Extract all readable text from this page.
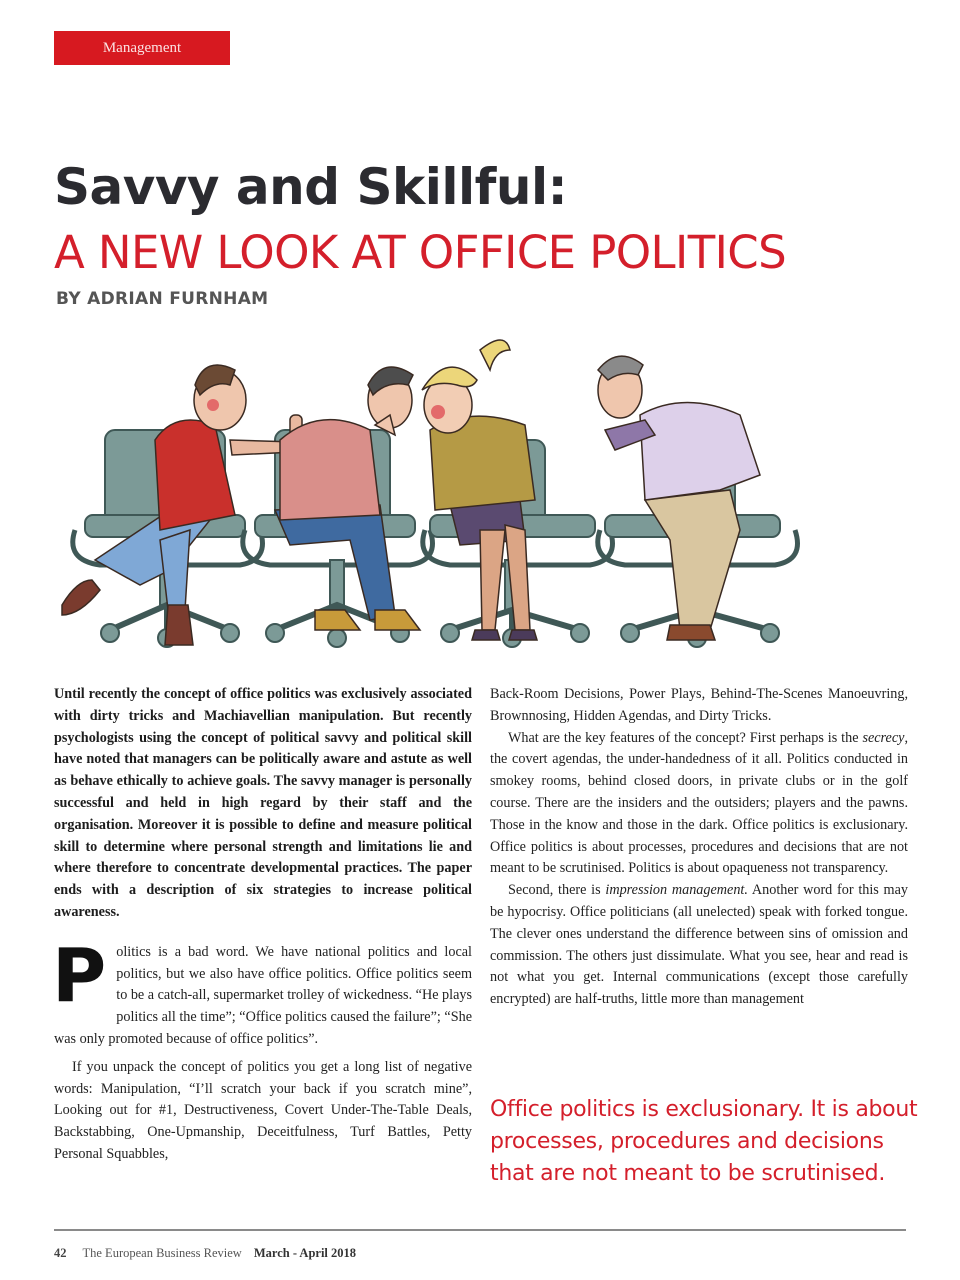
Management
Savvy and Skillful:
A NEW LOOK AT OFFICE POLITICS
BY ADRIAN FURNHAM

Until recently the concept of office politics was exclusively associated with dirty tricks and Machiavellian manipulation. But recently psychologists using the concept of political savvy and political skill have noted that managers can be politically aware and astute as well as behave ethically to achieve goals. The savvy manager is personally successful and held in high regard by their staff and the organisation. Moreover it is possible to define and measure political skill to determine where personal strength and limitations lie and where therefore to concentrate developmental practices. The paper ends with a description of six strategies to increase political awareness.

Politics is a bad word. We have national politics and local politics, but we also have office politics. Office politics seem to be a catch-all, supermarket trolley of wickedness. “He plays politics all the time”; “Office politics caused the failure”; “She was only promoted because of office politics”.

If you unpack the concept of politics you get a long list of negative words: Manipulation, “I’ll scratch your back if you scratch mine”, Looking out for #1, Destructiveness, Covert Under-The-Table Deals, Backstabbing, One-Upmanship, Deceitfulness, Turf Battles, Petty Personal Squabbles,

Back-Room Decisions, Power Plays, Behind-The-Scenes Manoeuvring, Brownnosing, Hidden Agendas, and Dirty Tricks.

What are the key features of the concept? First perhaps is the secrecy, the covert agendas, the under-handedness of it all. Politics conducted in smokey rooms, behind closed doors, in private clubs or in the golf course. There are the insiders and the outsiders; players and the pawns. Those in the know and those in the dark. Office politics is exclusionary. Office politics is about processes, procedures and decisions that are not meant to be scrutinised. Politics is about opaqueness not transparency.

Second, there is impression management. Another word for this may be hypocrisy. Office politicians (all unelected) speak with forked tongue. The clever ones understand the difference between sins of omission and commission. The others just dissimulate. What you see, hear and read is not what you get. Internal communications (except those carefully encrypted) are half-truths, little more than management

Office politics is exclusionary. It is about processes, procedures and decisions that are not meant to be scrutinised.
42 The European Business Review March - April 2018
